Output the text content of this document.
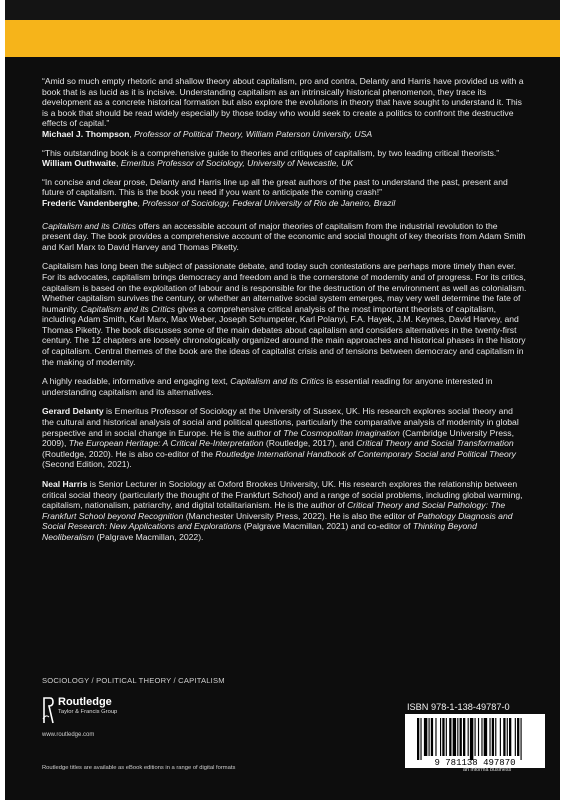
“Amid so much empty rhetoric and shallow theory about capitalism, pro and contra, Delanty and Harris have provided us with a book that is as lucid as it is incisive. Understanding capitalism as an intrinsically historical phenomenon, they trace its development as a concrete historical formation but also explore the evolutions in theory that have sought to understand it. This is a book that should be read widely especially by those today who would seek to create a politics to confront the destructive effects of capital.”

Michael J. Thompson, Professor of Political Theory, William Paterson University, USA

“This outstanding book is a comprehensive guide to theories and critiques of capitalism, by two leading critical theorists.”

William Outhwaite, Emeritus Professor of Sociology, University of Newcastle, UK

“In concise and clear prose, Delanty and Harris line up all the great authors of the past to understand the past, present and future of capitalism. This is the book you need if you want to anticipate the coming crash!”

Frederic Vandenberghe, Professor of Sociology, Federal University of Rio de Janeiro, Brazil

Capitalism and its Critics offers an accessible account of major theories of capitalism from the industrial revolution to the present day. The book provides a comprehensive account of the economic and social thought of key theorists from Adam Smith and Karl Marx to David Harvey and Thomas Piketty.

Capitalism has long been the subject of passionate debate, and today such contestations are perhaps more timely than ever. For its advocates, capitalism brings democracy and freedom and is the cornerstone of modernity and of progress. For its critics, capitalism is based on the exploitation of labour and is responsible for the destruction of the environment as well as colonialism. Whether capitalism survives the century, or whether an alternative social system emerges, may very well determine the fate of humanity. Capitalism and its Critics gives a comprehensive critical analysis of the most important theorists of capitalism, including Adam Smith, Karl Marx, Max Weber, Joseph Schumpeter, Karl Polanyi, F.A. Hayek, J.M. Keynes, David Harvey, and Thomas Piketty. The book discusses some of the main debates about capitalism and considers alternatives in the twenty-first century. The 12 chapters are loosely chronologically organized around the main approaches and historical phases in the history of capitalism. Central themes of the book are the ideas of capitalist crisis and of tensions between democracy and capitalism in the making of modernity.

A highly readable, informative and engaging text, Capitalism and its Critics is essential reading for anyone interested in understanding capitalism and its alternatives.

Gerard Delanty is Emeritus Professor of Sociology at the University of Sussex, UK. His research explores social theory and the cultural and historical analysis of social and political questions, particularly the comparative analysis of modernity in global perspective and in social change in Europe. He is the author of The Cosmopolitan Imagination (Cambridge University Press, 2009), The European Heritage: A Critical Re-Interpretation (Routledge, 2017), and Critical Theory and Social Transformation (Routledge, 2020). He is also co-editor of the Routledge International Handbook of Contemporary Social and Political Theory (Second Edition, 2021).

Neal Harris is Senior Lecturer in Sociology at Oxford Brookes University, UK. His research explores the relationship between critical social theory (particularly the thought of the Frankfurt School) and a range of social problems, including global warming, capitalism, nationalism, patriarchy, and digital totalitarianism. He is the author of Critical Theory and Social Pathology: The Frankfurt School beyond Recognition (Manchester University Press, 2022). He is also the editor of Pathology Diagnosis and Social Research: New Applications and Explorations (Palgrave Macmillan, 2021) and co-editor of Thinking Beyond Neoliberalism (Palgrave Macmillan, 2022).

SOCIOLOGY / POLITICAL THEORY / CAPITALISM
Routledge
Taylor & Francis Group
www.routledge.com
Routledge titles are available as eBook editions in a range of digital formats
ISBN 978-1-138-49787-0
9 781138 497870
an informa business
